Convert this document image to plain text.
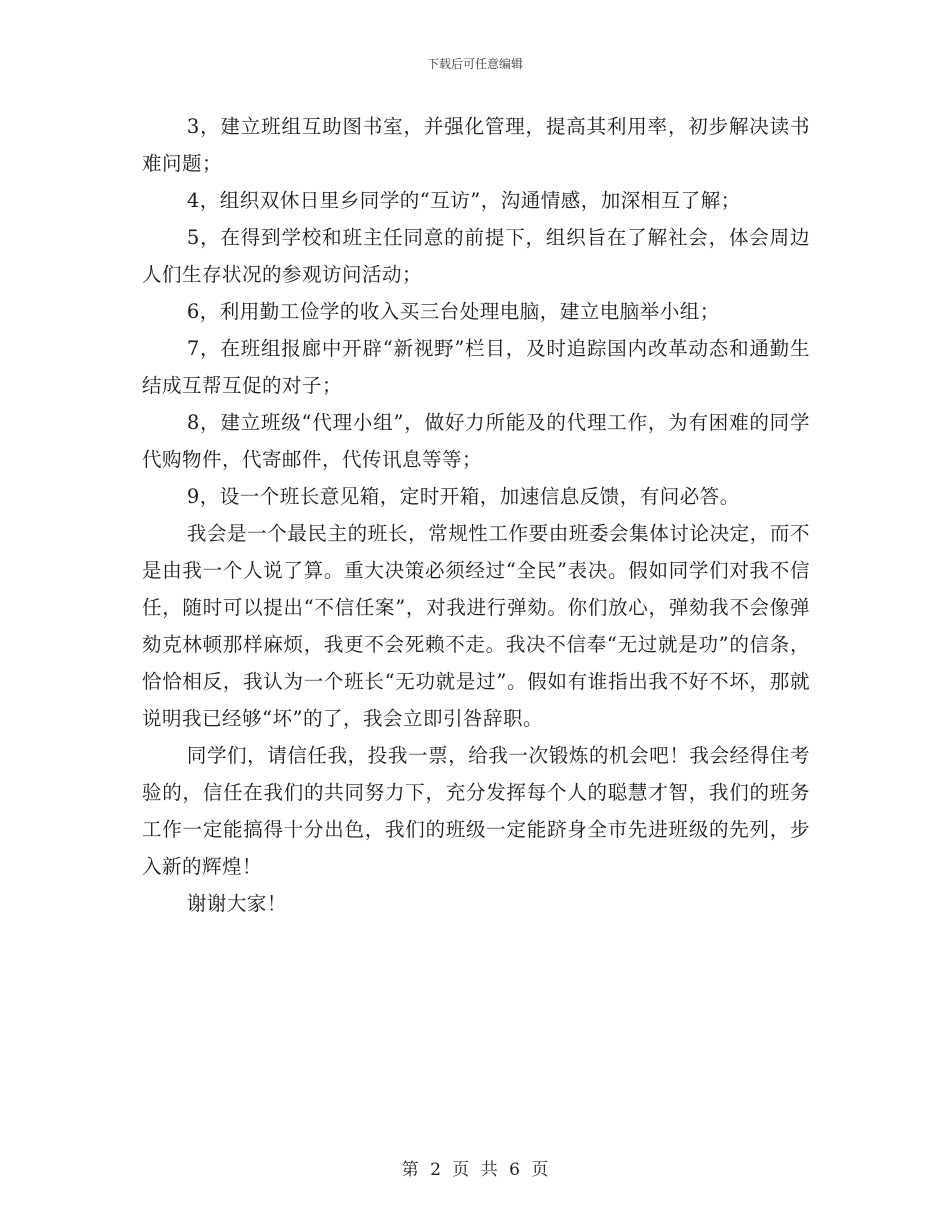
下载后可任意编辑

3，建立班组互助图书室，并强化管理，提高其利用率，初步解决读书难问题；

4，组织双休日里乡同学的“互访”，沟通情感，加深相互了解；

5，在得到学校和班主任同意的前提下，组织旨在了解社会，体会周边人们生存状况的参观访问活动；

6，利用勤工俭学的收入买三台处理电脑，建立电脑举小组；

7，在班组报廊中开辟“新视野”栏目，及时追踪国内改革动态和通勤生结成互帮互促的对子；

8，建立班级“代理小组”，做好力所能及的代理工作，为有困难的同学代购物件，代寄邮件，代传讯息等等；

9，设一个班长意见箱，定时开箱，加速信息反馈，有问必答。

我会是一个最民主的班长，常规性工作要由班委会集体讨论决定，而不是由我一个人说了算。重大决策必须经过“全民”表决。假如同学们对我不信任，随时可以提出“不信任案”，对我进行弹劾。你们放心，弹劾我不会像弹劾克林顿那样麻烦，我更不会死赖不走。我决不信奉“无过就是功”的信条，恰恰相反，我认为一个班长“无功就是过”。假如有谁指出我不好不坏，那就说明我已经够“坏”的了，我会立即引咎辞职。

同学们，请信任我，投我一票，给我一次锻炼的机会吧！我会经得住考验的，信任在我们的共同努力下，充分发挥每个人的聪慧才智，我们的班务工作一定能搞得十分出色，我们的班级一定能跻身全市先进班级的先列，步入新的辉煌！

谢谢大家！

第 2 页 共 6 页
